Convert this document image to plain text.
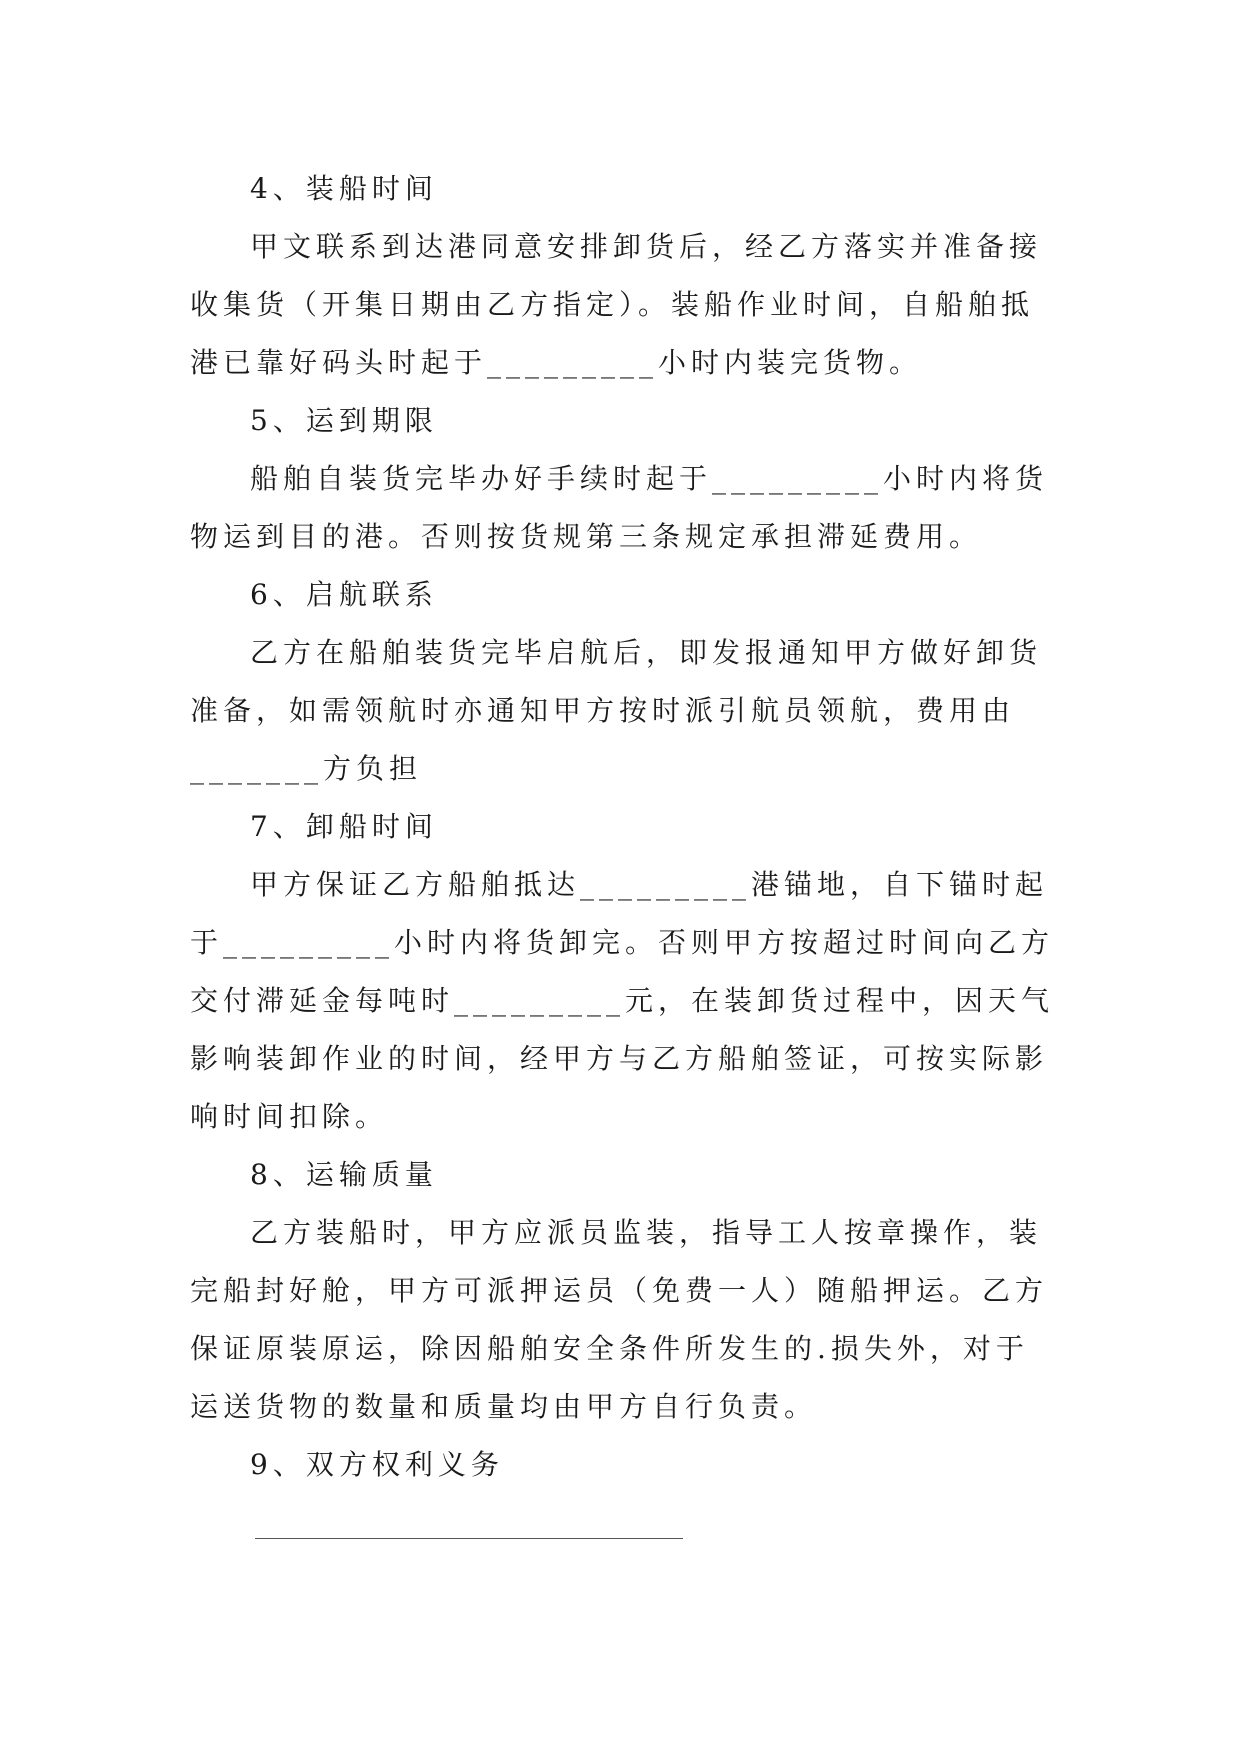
4、装船时间

甲文联系到达港同意安排卸货后，经乙方落实并准备接

收集货（开集日期由乙方指定）。装船作业时间，自船舶抵

港已靠好码头时起于_________小时内装完货物。

5、运到期限

船舶自装货完毕办好手续时起于_________小时内将货

物运到目的港。否则按货规第三条规定承担滞延费用。

6、启航联系

乙方在船舶装货完毕启航后，即发报通知甲方做好卸货

准备，如需领航时亦通知甲方按时派引航员领航，费用由

_______方负担

7、卸船时间

甲方保证乙方船舶抵达_________港锚地，自下锚时起

于_________小时内将货卸完。否则甲方按超过时间向乙方

交付滞延金每吨时_________元，在装卸货过程中，因天气

影响装卸作业的时间，经甲方与乙方船舶签证，可按实际影

响时间扣除。

8、运输质量

乙方装船时，甲方应派员监装，指导工人按章操作，装

完船封好舱，甲方可派押运员（免费一人）随船押运。乙方

保证原装原运，除因船舶安全条件所发生的.损失外，对于

运送货物的数量和质量均由甲方自行负责。

9、双方权利义务
